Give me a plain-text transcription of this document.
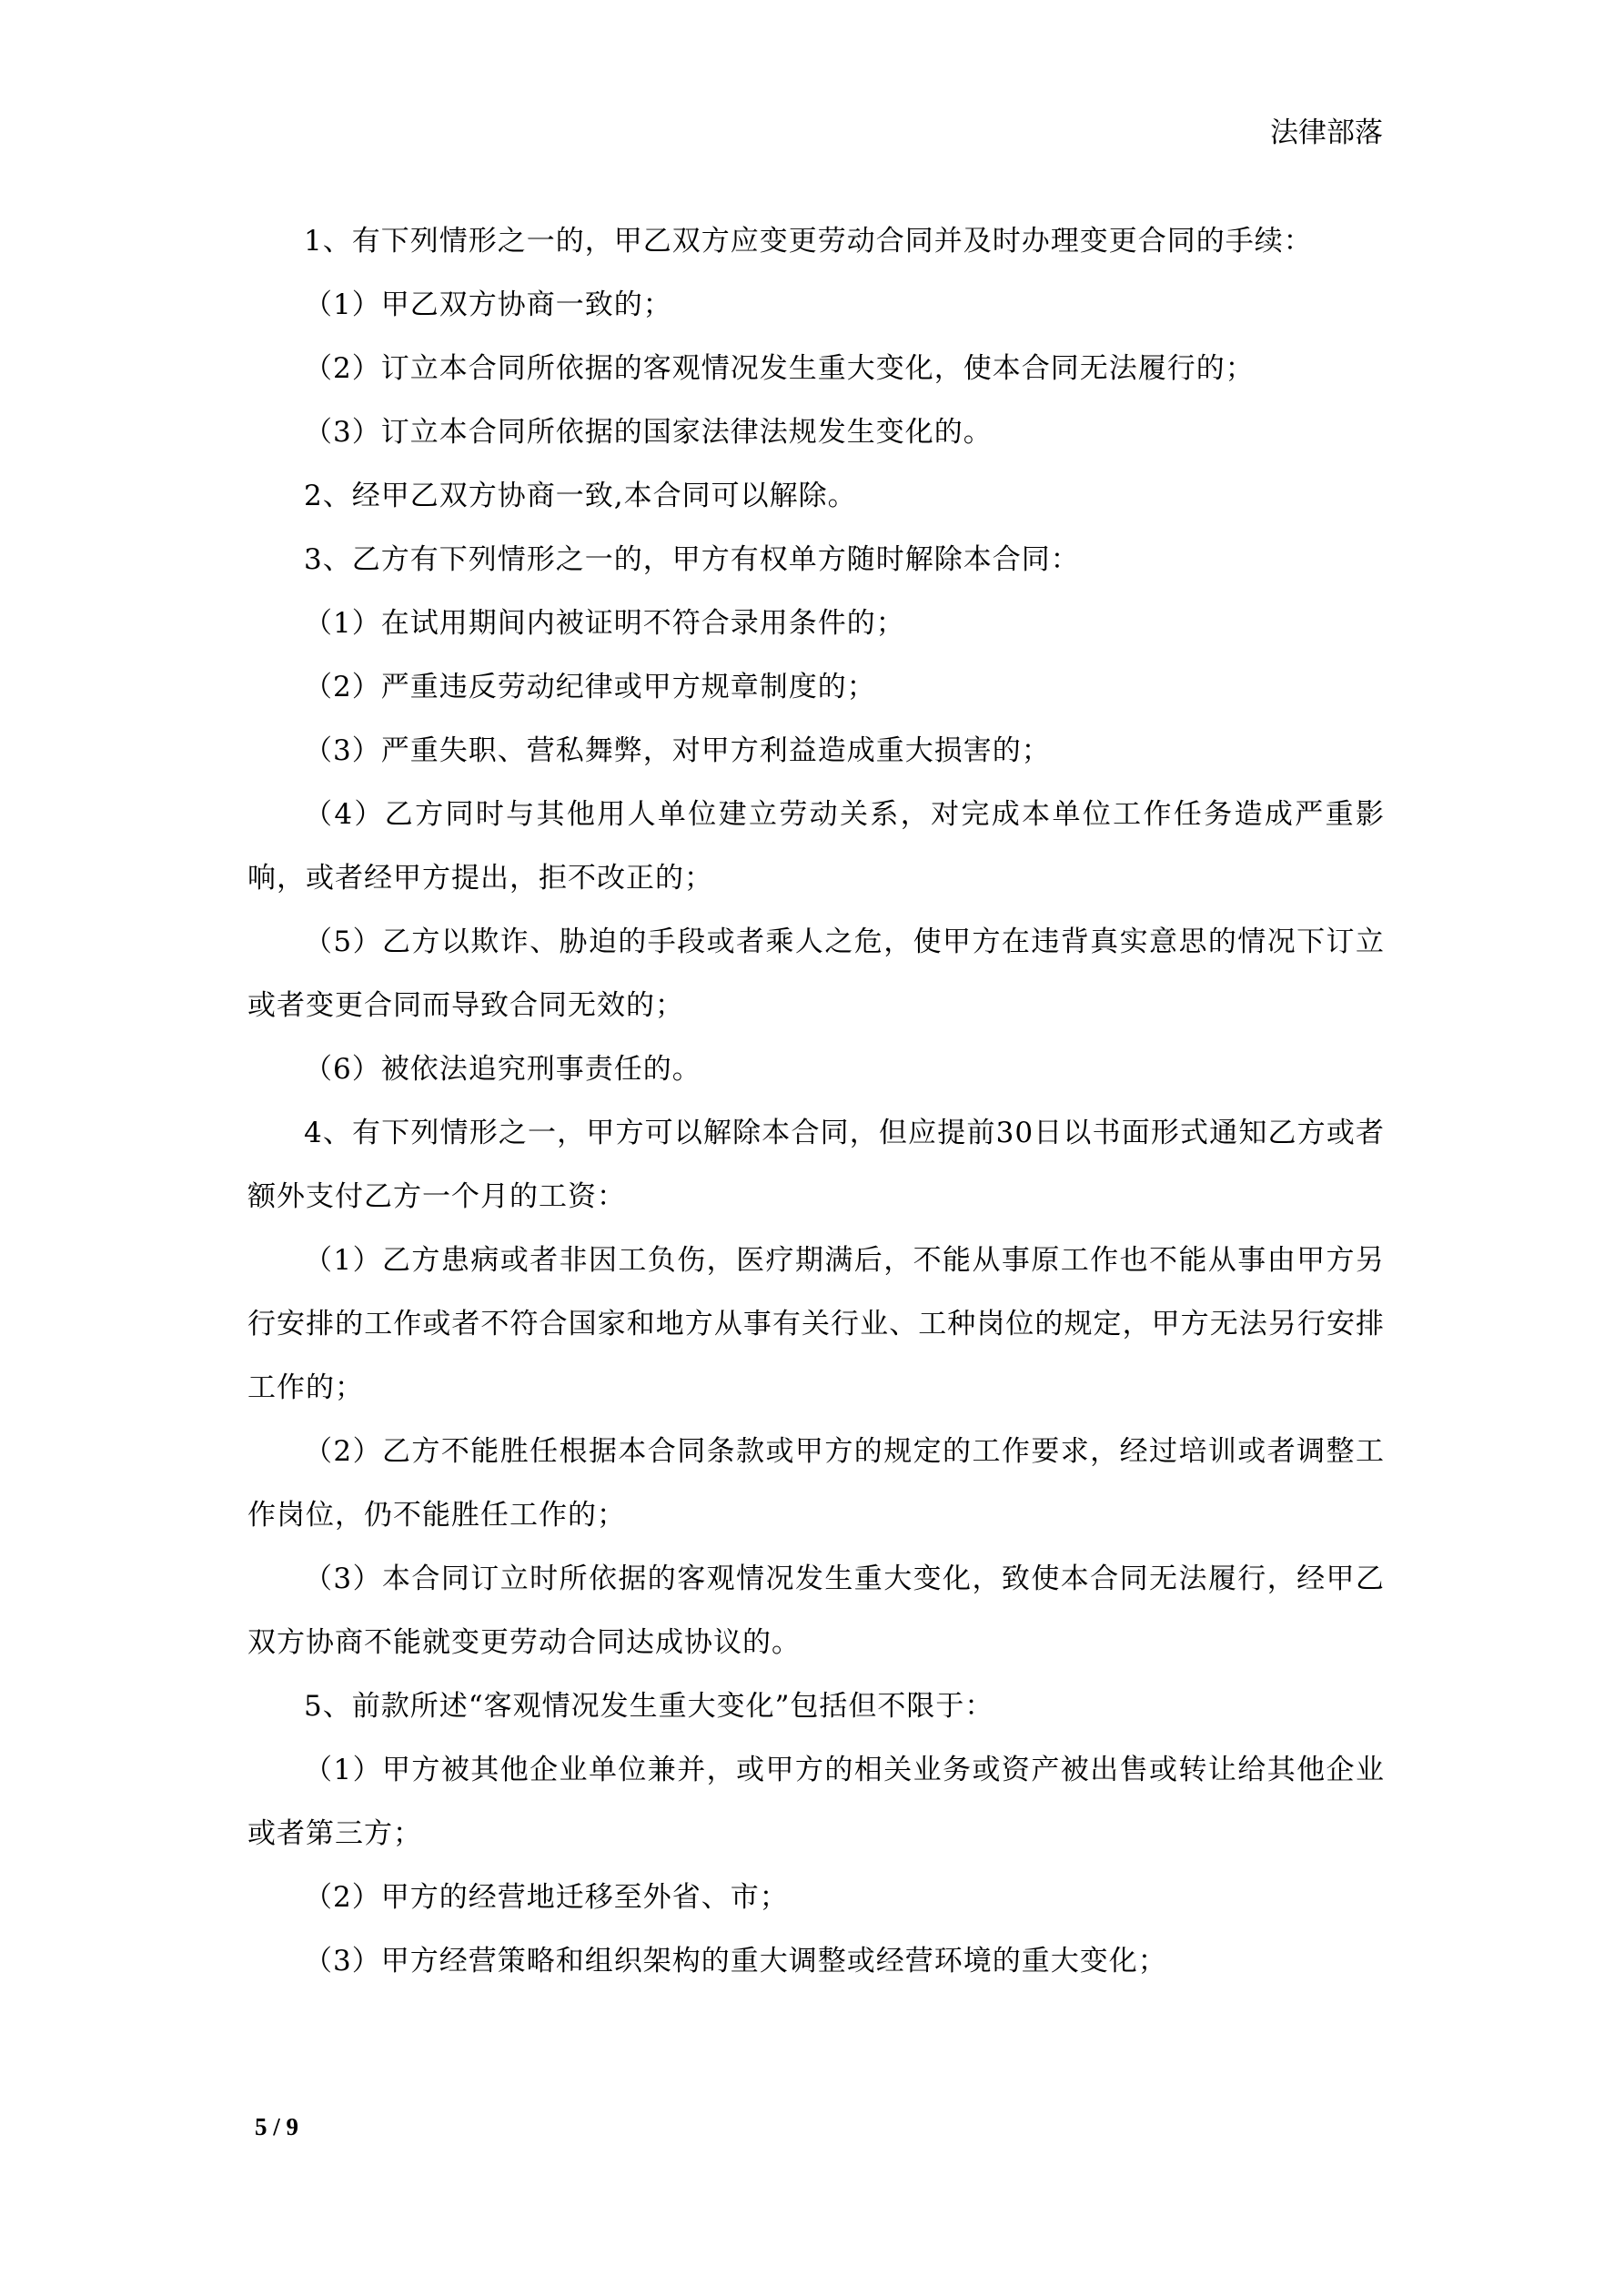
法律部落

1、有下列情形之一的，甲乙双方应变更劳动合同并及时办理变更合同的手续：

（1）甲乙双方协商一致的；

（2）订立本合同所依据的客观情况发生重大变化，使本合同无法履行的；

（3）订立本合同所依据的国家法律法规发生变化的。

2、经甲乙双方协商一致,本合同可以解除。

3、乙方有下列情形之一的，甲方有权单方随时解除本合同：

（1）在试用期间内被证明不符合录用条件的；

（2）严重违反劳动纪律或甲方规章制度的；

（3）严重失职、营私舞弊，对甲方利益造成重大损害的；

（4）乙方同时与其他用人单位建立劳动关系，对完成本单位工作任务造成严重影响，或者经甲方提出，拒不改正的；

（5）乙方以欺诈、胁迫的手段或者乘人之危，使甲方在违背真实意思的情况下订立或者变更合同而导致合同无效的；

（6）被依法追究刑事责任的。

4、有下列情形之一，甲方可以解除本合同，但应提前30日以书面形式通知乙方或者额外支付乙方一个月的工资：

（1）乙方患病或者非因工负伤，医疗期满后，不能从事原工作也不能从事由甲方另行安排的工作或者不符合国家和地方从事有关行业、工种岗位的规定，甲方无法另行安排工作的；

（2）乙方不能胜任根据本合同条款或甲方的规定的工作要求，经过培训或者调整工作岗位，仍不能胜任工作的；

（3）本合同订立时所依据的客观情况发生重大变化，致使本合同无法履行，经甲乙双方协商不能就变更劳动合同达成协议的。

5、前款所述“客观情况发生重大变化”包括但不限于：

（1）甲方被其他企业单位兼并，或甲方的相关业务或资产被出售或转让给其他企业或者第三方；

（2）甲方的经营地迁移至外省、市；

（3）甲方经营策略和组织架构的重大调整或经营环境的重大变化；

5 / 9
